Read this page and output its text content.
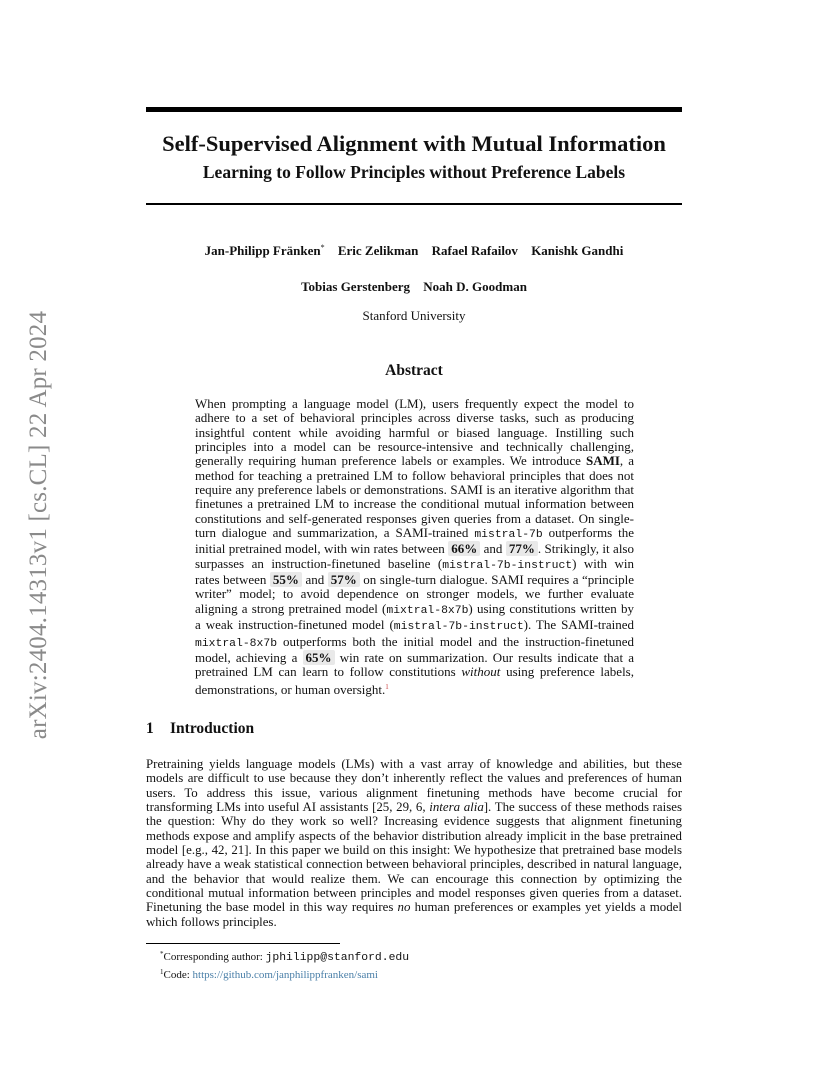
arXiv:2404.14313v1 [cs.CL] 22 Apr 2024
Self-Supervised Alignment with Mutual Information
Learning to Follow Principles without Preference Labels
Jan-Philipp Fränken* Eric Zelikman Rafael Rafailov Kanishk Gandhi
Tobias Gerstenberg Noah D. Goodman
Stanford University
Abstract
When prompting a language model (LM), users frequently expect the model to adhere to a set of behavioral principles across diverse tasks, such as producing insightful content while avoiding harmful or biased language. Instilling such principles into a model can be resource-intensive and technically challenging, generally requiring human preference labels or examples. We introduce SAMI, a method for teaching a pretrained LM to follow behavioral principles that does not require any preference labels or demonstrations. SAMI is an iterative algorithm that finetunes a pretrained LM to increase the conditional mutual information between constitutions and self-generated responses given queries from a dataset. On single-turn dialogue and summarization, a SAMI-trained mistral-7b outperforms the initial pretrained model, with win rates between 66% and 77% . Strikingly, it also surpasses an instruction-finetuned baseline (mistral-7b-instruct) with win rates between 55% and 57% on single-turn dialogue. SAMI requires a “principle writer” model; to avoid dependence on stronger models, we further evaluate aligning a strong pretrained model (mixtral-8x7b) using constitutions written by a weak instruction-finetuned model (mistral-7b-instruct). The SAMI-trained mixtral-8x7b outperforms both the initial model and the instruction-finetuned model, achieving a 65% win rate on summarization. Our results indicate that a pretrained LM can learn to follow constitutions without using preference labels, demonstrations, or human oversight.$^1$
1 Introduction
Pretraining yields language models (LMs) with a vast array of knowledge and abilities, but these models are difficult to use because they don’t inherently reflect the values and preferences of human users. To address this issue, various alignment finetuning methods have become crucial for transforming LMs into useful AI assistants [25, 29, 6, intera alia]. The success of these methods raises the question: Why do they work so well? Increasing evidence suggests that alignment finetuning methods expose and amplify aspects of the behavior distribution already implicit in the base pretrained model [e.g., 42, 21]. In this paper we build on this insight: We hypothesize that pretrained base models already have a weak statistical connection between behavioral principles, described in natural language, and the behavior that would realize them. We can encourage this connection by optimizing the conditional mutual information between principles and model responses given queries from a dataset. Finetuning the base model in this way requires no human preferences or examples yet yields a model which follows principles.
*Corresponding author: jphilipp@stanford.edu
$^1$Code: https://github.com/janphilippfranken/sami
